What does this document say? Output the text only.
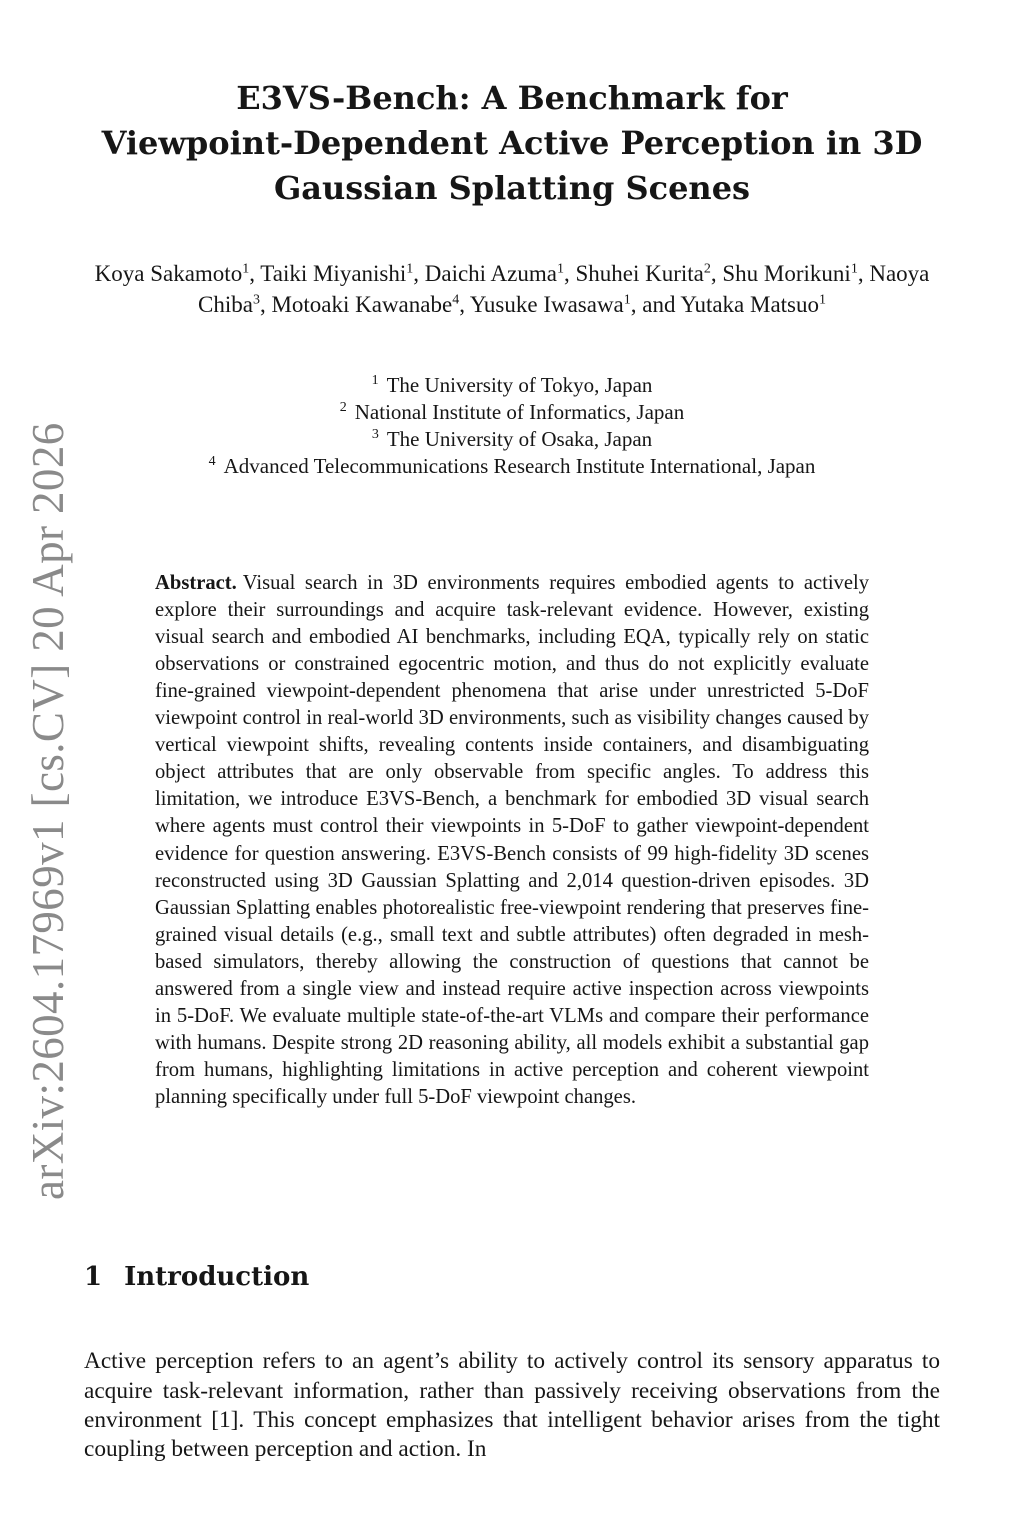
arXiv:2604.17969v1 [cs.CV] 20 Apr 2026
E3VS-Bench: A Benchmark for
Viewpoint-Dependent Active Perception in 3D
Gaussian Splatting Scenes
Koya Sakamoto$^1$, Taiki Miyanishi$^1$, Daichi Azuma$^1$, Shuhei Kurita$^2$, Shu Morikuni$^1$, Naoya Chiba$^3$, Motoaki Kawanabe$^4$, Yusuke Iwasawa$^1$, and Yutaka Matsuo$^1$
$^1$ The University of Tokyo, Japan
$^2$ National Institute of Informatics, Japan
$^3$ The University of Osaka, Japan
$^4$ Advanced Telecommunications Research Institute International, Japan

Abstract. Visual search in 3D environments requires embodied agents to actively explore their surroundings and acquire task-relevant evidence. However, existing visual search and embodied AI benchmarks, including EQA, typically rely on static observations or constrained egocentric motion, and thus do not explicitly evaluate fine-grained viewpoint-dependent phenomena that arise under unrestricted 5-DoF viewpoint control in real-world 3D environments, such as visibility changes caused by vertical viewpoint shifts, revealing contents inside containers, and disambiguating object attributes that are only observable from specific angles. To address this limitation, we introduce E3VS-Bench, a benchmark for embodied 3D visual search where agents must control their viewpoints in 5-DoF to gather viewpoint-dependent evidence for question answering. E3VS-Bench consists of 99 high-fidelity 3D scenes reconstructed using 3D Gaussian Splatting and 2,014 question-driven episodes. 3D Gaussian Splatting enables photorealistic free-viewpoint rendering that preserves fine-grained visual details (e.g., small text and subtle attributes) often degraded in mesh-based simulators, thereby allowing the construction of questions that cannot be answered from a single view and instead require active inspection across viewpoints in 5-DoF. We evaluate multiple state-of-the-art VLMs and compare their performance with humans. Despite strong 2D reasoning ability, all models exhibit a substantial gap from humans, highlighting limitations in active perception and coherent viewpoint planning specifically under full 5-DoF viewpoint changes.

1 Introduction

Active perception refers to an agent’s ability to actively control its sensory apparatus to acquire task-relevant information, rather than passively receiving observations from the environment [1]. This concept emphasizes that intelligent behavior arises from the tight coupling between perception and action. In
